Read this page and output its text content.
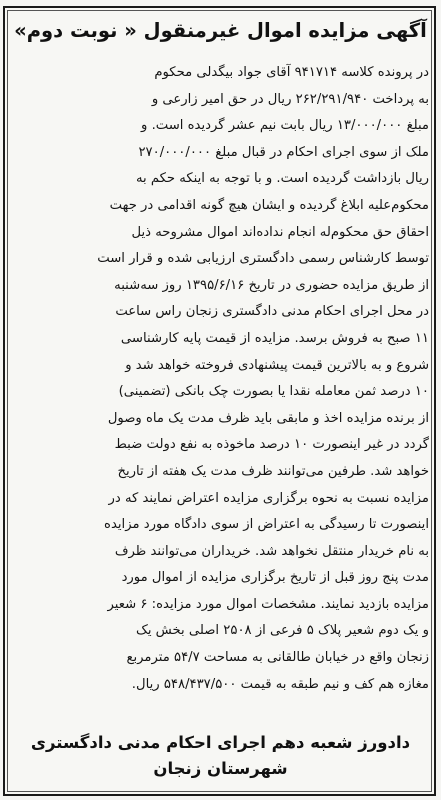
آگهی مزایده اموال غیرمنقول « نوبت دوم»
در پرونده کلاسه ۹۴۱۷۱۴ آقای جواد بیگدلی محکوم
به پرداخت ۲۶۲/۲۹۱/۹۴۰ ریال در حق امیر زارعی و
مبلغ ۱۳/۰۰۰/۰۰۰ ریال بابت نیم عشر گردیده است. و
ملک از سوی اجرای احکام در قبال مبلغ ۲۷۰/۰۰۰/۰۰۰
ریال بازداشت گردیده است. و با توجه به اینکه حکم به
محکوم‌علیه ابلاغ گردیده و ایشان هیچ گونه اقدامی در جهت
احقاق حق محکوم‌له انجام نداده‌اند اموال مشروحه ذیل
توسط کارشناس رسمی دادگستری ارزیابی شده و قرار است
از طریق مزایده حضوری در تاریخ ۱۳۹۵/۶/۱۶ روز سه‌شنبه
در محل اجرای احکام مدنی دادگستری زنجان راس ساعت
۱۱ صبح به فروش برسد. مزایده از قیمت پایه کارشناسی
شروع و به بالاترین قیمت پیشنهادی فروخته خواهد شد و
۱۰ درصد ثمن معامله نقدا یا بصورت چک بانکی (تضمینی)
از برنده مزایده اخذ و مابقی باید ظرف مدت یک ماه وصول
گردد در غیر اینصورت ۱۰ درصد ماخوذه به نفع دولت ضبط
خواهد شد. طرفین می‌توانند ظرف مدت یک هفته از تاریخ
مزایده نسبت به نحوه برگزاری مزایده اعتراض نمایند که در
اینصورت تا رسیدگی به اعتراض از سوی دادگاه مورد مزایده
به نام خریدار منتقل نخواهد شد. خریداران می‌توانند ظرف
مدت پنج روز قبل از تاریخ برگزاری مزایده از اموال مورد
مزایده بازدید نمایند. مشخصات اموال مورد مزایده: ۶ شعیر
و یک دوم شعیر پلاک ۵ فرعی از ۲۵۰۸ اصلی بخش یک
زنجان واقع در خیابان طالقانی به مساحت ۵۴/۷ مترمربع
مغازه هم کف و نیم طبقه به قیمت ۵۴۸/۴۳۷/۵۰۰ ریال.
دادورز شعبه دهم اجرای احکام مدنی دادگستری
شهرستان زنجان
